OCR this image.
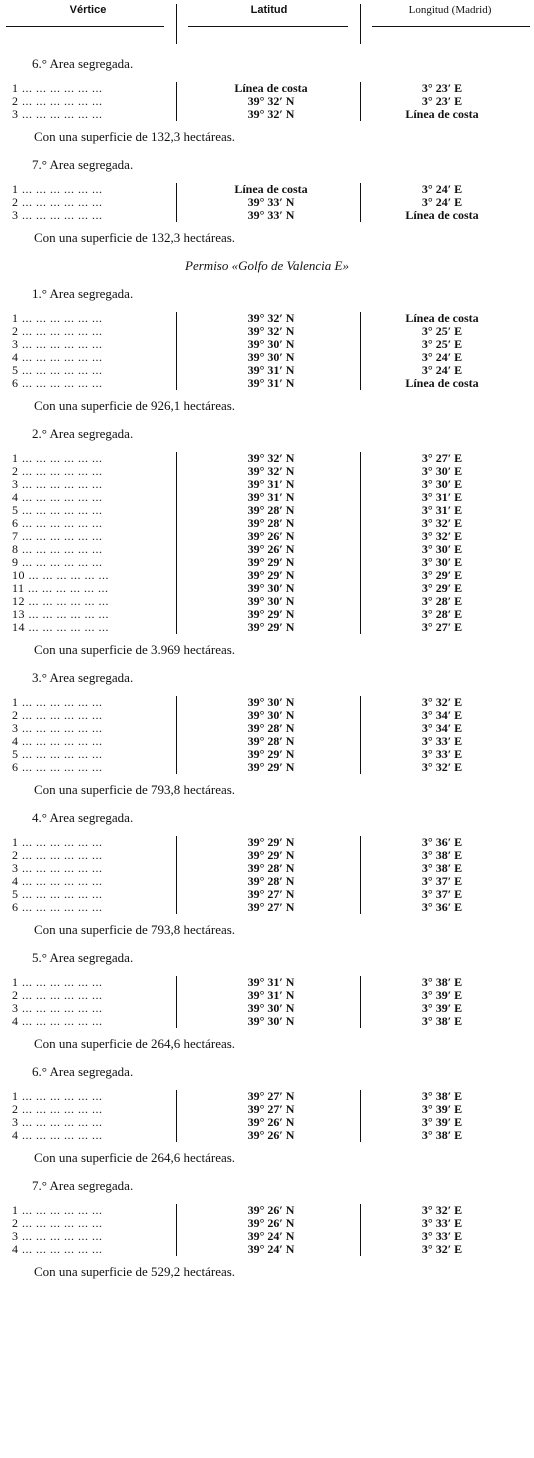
Vértice	Latitud	Longitud (Madrid)
6.° Area segregada.
1 ... ... ... ... ... ...	Línea de costa	3° 23′ E
2 ... ... ... ... ... ...	39° 32′ N	3° 23′ E
3 ... ... ... ... ... ...	39° 32′ N	Línea de costa
Con una superficie de 132,3 hectáreas.
7.° Area segregada.
1 ... ... ... ... ... ...	Línea de costa	3° 24′ E
2 ... ... ... ... ... ...	39° 33′ N	3° 24′ E
3 ... ... ... ... ... ...	39° 33′ N	Línea de costa
Con una superficie de 132,3 hectáreas.
Permiso «Golfo de Valencia E»
1.° Area segregada.
1 ... ... ... ... ... ...	39° 32′ N	Línea de costa
2 ... ... ... ... ... ...	39° 32′ N	3° 25′ E
3 ... ... ... ... ... ...	39° 30′ N	3° 25′ E
4 ... ... ... ... ... ...	39° 30′ N	3° 24′ E
5 ... ... ... ... ... ...	39° 31′ N	3° 24′ E
6 ... ... ... ... ... ...	39° 31′ N	Línea de costa
Con una superficie de 926,1 hectáreas.
2.° Area segregada.
1 ... ... ... ... ... ...	39° 32′ N	3° 27′ E
2 ... ... ... ... ... ...	39° 32′ N	3° 30′ E
3 ... ... ... ... ... ...	39° 31′ N	3° 30′ E
4 ... ... ... ... ... ...	39° 31′ N	3° 31′ E
5 ... ... ... ... ... ...	39° 28′ N	3° 31′ E
6 ... ... ... ... ... ...	39° 28′ N	3° 32′ E
7 ... ... ... ... ... ...	39° 26′ N	3° 32′ E
8 ... ... ... ... ... ...	39° 26′ N	3° 30′ E
9 ... ... ... ... ... ...	39° 29′ N	3° 30′ E
10 ... ... ... ... ... ...	39° 29′ N	3° 29′ E
11 ... ... ... ... ... ...	39° 30′ N	3° 29′ E
12 ... ... ... ... ... ...	39° 30′ N	3° 28′ E
13 ... ... ... ... ... ...	39° 29′ N	3° 28′ E
14 ... ... ... ... ... ...	39° 29′ N	3° 27′ E
Con una superficie de 3.969 hectáreas.
3.° Area segregada.
1 ... ... ... ... ... ...	39° 30′ N	3° 32′ E
2 ... ... ... ... ... ...	39° 30′ N	3° 34′ E
3 ... ... ... ... ... ...	39° 28′ N	3° 34′ E
4 ... ... ... ... ... ...	39° 28′ N	3° 33′ E
5 ... ... ... ... ... ...	39° 29′ N	3° 33′ E
6 ... ... ... ... ... ...	39° 29′ N	3° 32′ E
Con una superficie de 793,8 hectáreas.
4.° Area segregada.
1 ... ... ... ... ... ...	39° 29′ N	3° 36′ E
2 ... ... ... ... ... ...	39° 29′ N	3° 38′ E
3 ... ... ... ... ... ...	39° 28′ N	3° 38′ E
4 ... ... ... ... ... ...	39° 28′ N	3° 37′ E
5 ... ... ... ... ... ...	39° 27′ N	3° 37′ E
6 ... ... ... ... ... ...	39° 27′ N	3° 36′ E
Con una superficie de 793,8 hectáreas.
5.° Area segregada.
1 ... ... ... ... ... ...	39° 31′ N	3° 38′ E
2 ... ... ... ... ... ...	39° 31′ N	3° 39′ E
3 ... ... ... ... ... ...	39° 30′ N	3° 39′ E
4 ... ... ... ... ... ...	39° 30′ N	3° 38′ E
Con una superficie de 264,6 hectáreas.
6.° Area segregada.
1 ... ... ... ... ... ...	39° 27′ N	3° 38′ E
2 ... ... ... ... ... ...	39° 27′ N	3° 39′ E
3 ... ... ... ... ... ...	39° 26′ N	3° 39′ E
4 ... ... ... ... ... ...	39° 26′ N	3° 38′ E
Con una superficie de 264,6 hectáreas.
7.° Area segregada.
1 ... ... ... ... ... ...	39° 26′ N	3° 32′ E
2 ... ... ... ... ... ...	39° 26′ N	3° 33′ E
3 ... ... ... ... ... ...	39° 24′ N	3° 33′ E
4 ... ... ... ... ... ...	39° 24′ N	3° 32′ E
Con una superficie de 529,2 hectáreas.
